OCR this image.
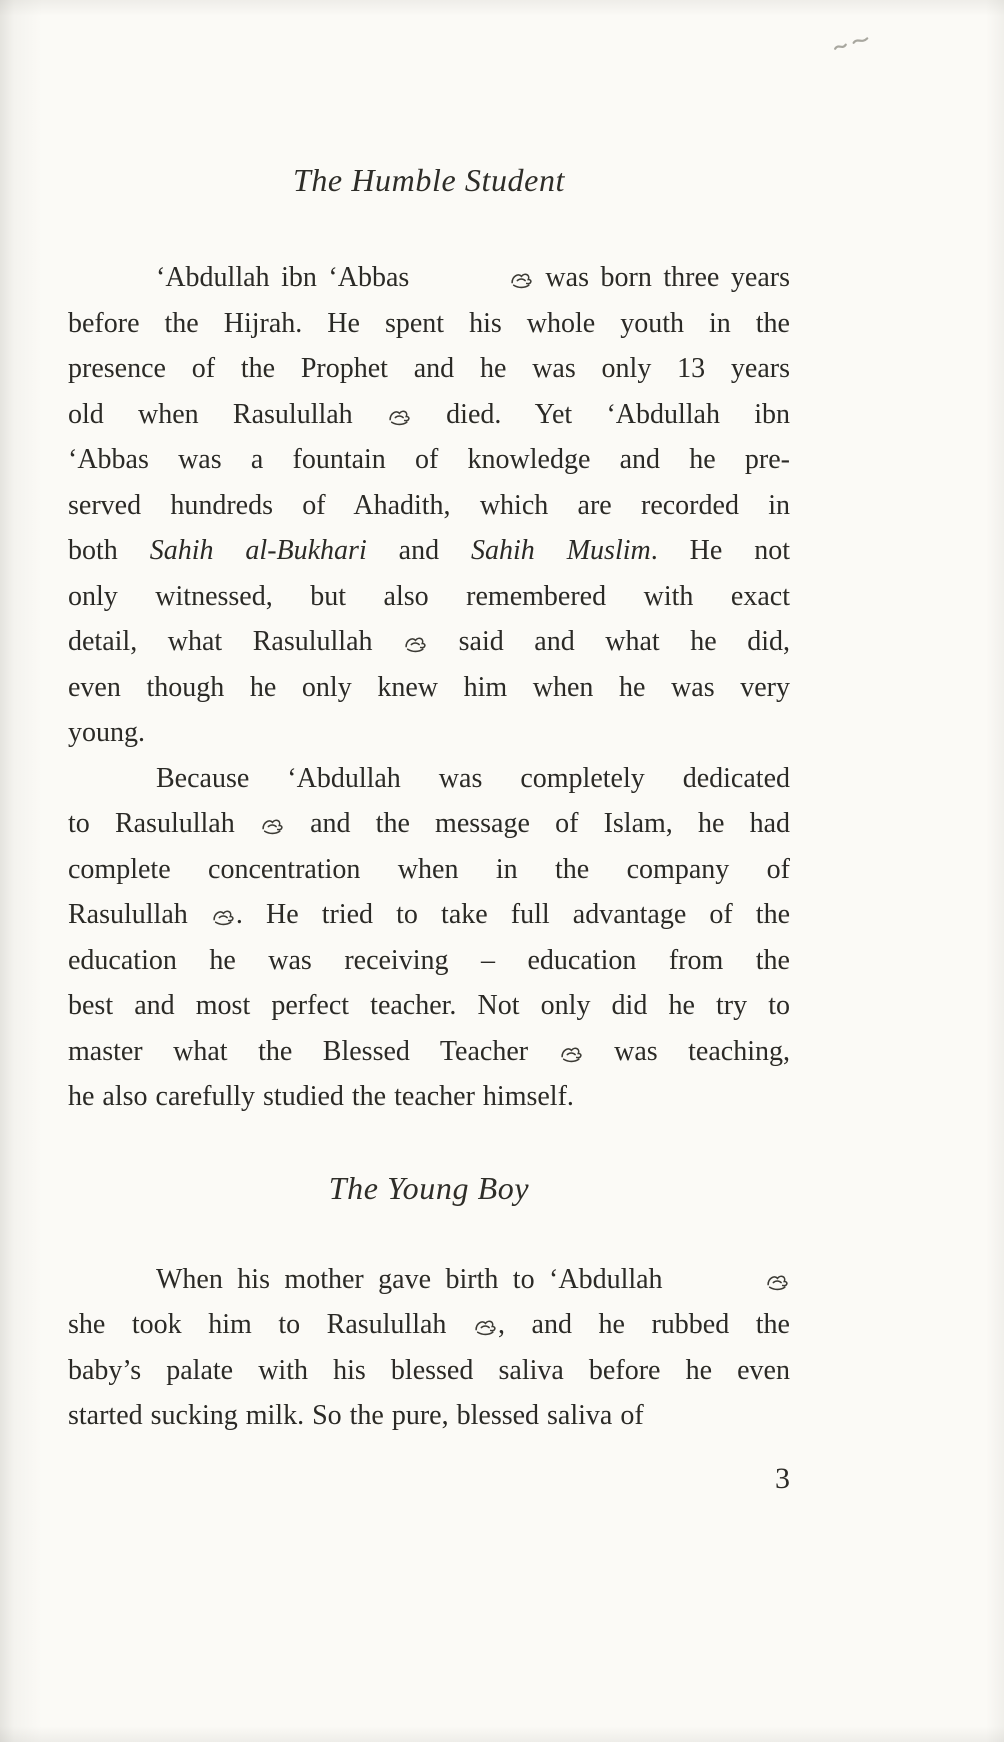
The Humble Student
‘Abdullah ibn ‘Abbas	was born three years
before the Hijrah. He spent his whole youth in the
presence of the Prophet and he was only 13 years
old when Rasulullah  died. Yet ‘Abdullah ibn
‘Abbas was a fountain of knowledge and he pre-
served hundreds of Ahadith, which are recorded in
both Sahih al-Bukhari and Sahih Muslim. He not
only witnessed, but also remembered with exact
detail, what Rasulullah  said and what he did,
even though he only knew him when he was very
young.
Because ‘Abdullah was completely dedicated
to Rasulullah  and the message of Islam, he had
complete concentration when in the company of
Rasulullah . He tried to take full advantage of the
education he was receiving – education from the
best and most perfect teacher. Not only did he try to
master what the Blessed Teacher  was teaching,
he also carefully studied the teacher himself.
The Young Boy
When his mother gave birth to ‘Abdullah
she took him to Rasulullah , and he rubbed the
baby’s palate with his blessed saliva before he even
started sucking milk. So the pure, blessed saliva of
3
